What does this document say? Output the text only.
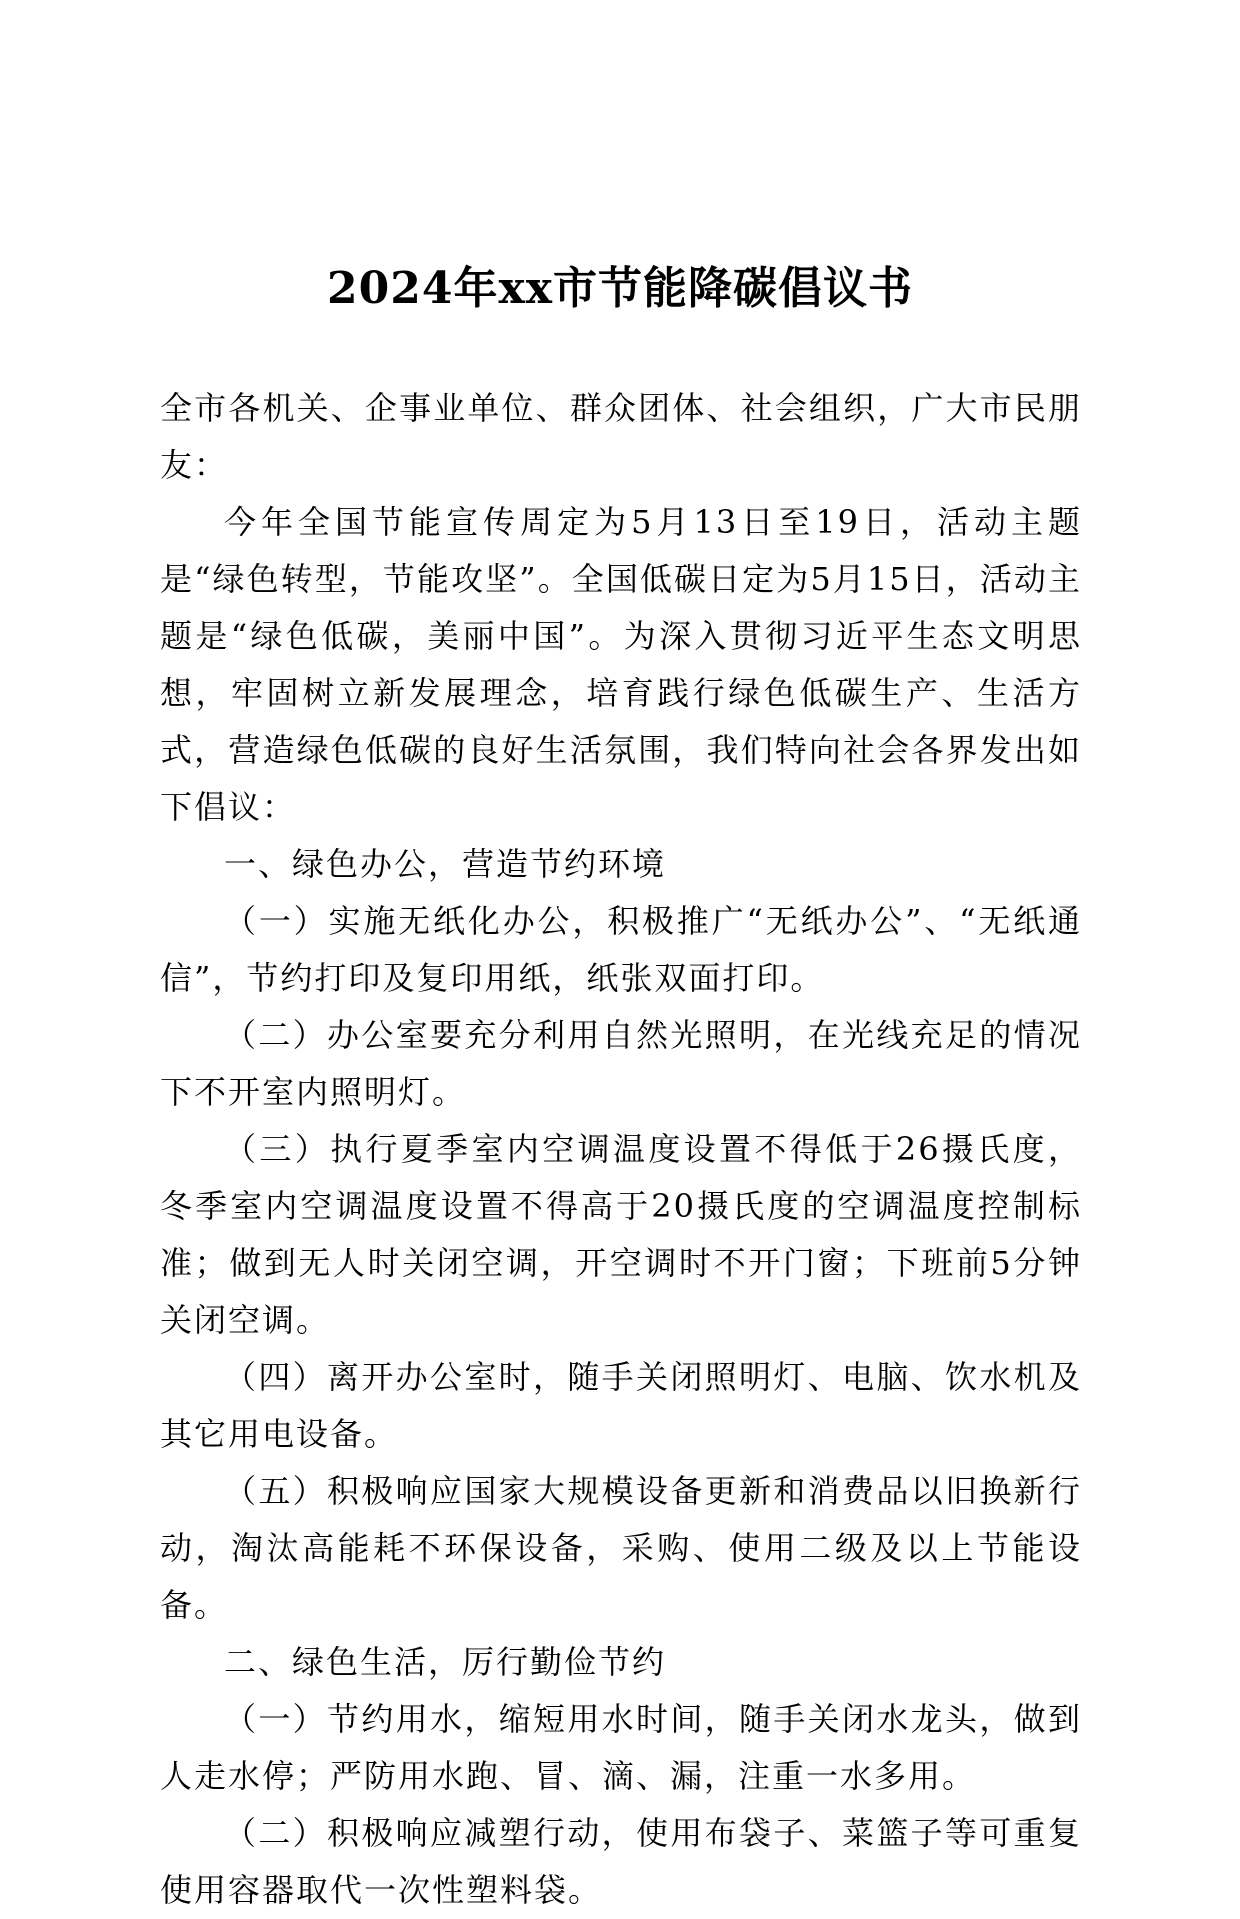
2024年xx市节能降碳倡议书

全市各机关、企事业单位、群众团体、社会组织，广大市民朋友：

今年全国节能宣传周定为5月13日至19日，活动主题是“绿色转型，节能攻坚”。全国低碳日定为5月15日，活动主题是“绿色低碳，美丽中国”。为深入贯彻习近平生态文明思想，牢固树立新发展理念，培育践行绿色低碳生产、生活方式，营造绿色低碳的良好生活氛围，我们特向社会各界发出如下倡议：

一、绿色办公，营造节约环境

（一）实施无纸化办公，积极推广“无纸办公”、“无纸通信”，节约打印及复印用纸，纸张双面打印。

（二）办公室要充分利用自然光照明，在光线充足的情况下不开室内照明灯。

（三）执行夏季室内空调温度设置不得低于26摄氏度，冬季室内空调温度设置不得高于20摄氏度的空调温度控制标准；做到无人时关闭空调，开空调时不开门窗；下班前5分钟关闭空调。

（四）离开办公室时，随手关闭照明灯、电脑、饮水机及其它用电设备。

（五）积极响应国家大规模设备更新和消费品以旧换新行动，淘汰高能耗不环保设备，采购、使用二级及以上节能设备。

二、绿色生活，厉行勤俭节约

（一）节约用水，缩短用水时间，随手关闭水龙头，做到人走水停；严防用水跑、冒、滴、漏，注重一水多用。

（二）积极响应减塑行动，使用布袋子、菜篮子等可重复使用容器取代一次性塑料袋。
